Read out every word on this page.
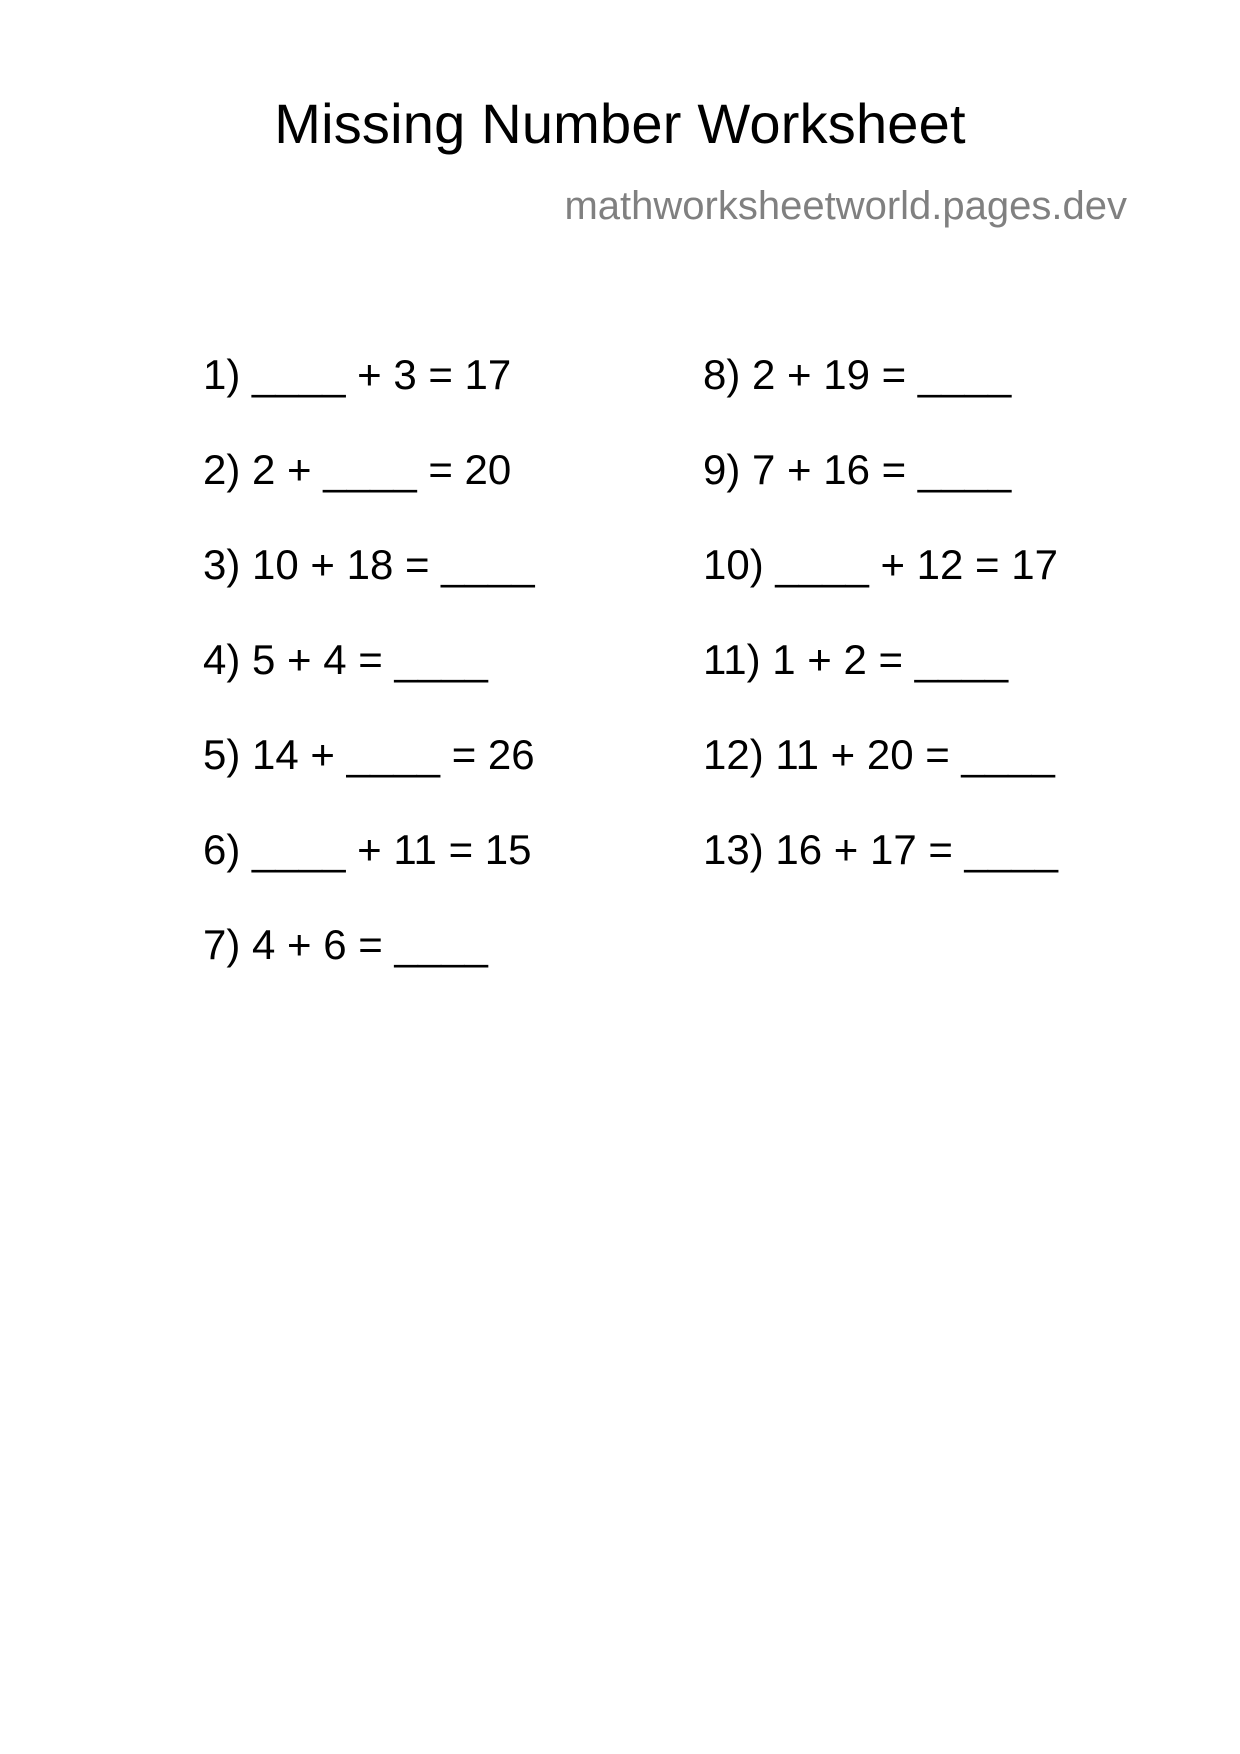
Missing Number Worksheet
mathworksheetworld.pages.dev
1) ____ + 3 = 17
2) 2 + ____ = 20
3) 10 + 18 = ____
4) 5 + 4 = ____
5) 14 + ____ = 26
6) ____ + 11 = 15
7) 4 + 6 = ____
8) 2 + 19 = ____
9) 7 + 16 = ____
10) ____ + 12 = 17
11) 1 + 2 = ____
12) 11 + 20 = ____
13) 16 + 17 = ____
